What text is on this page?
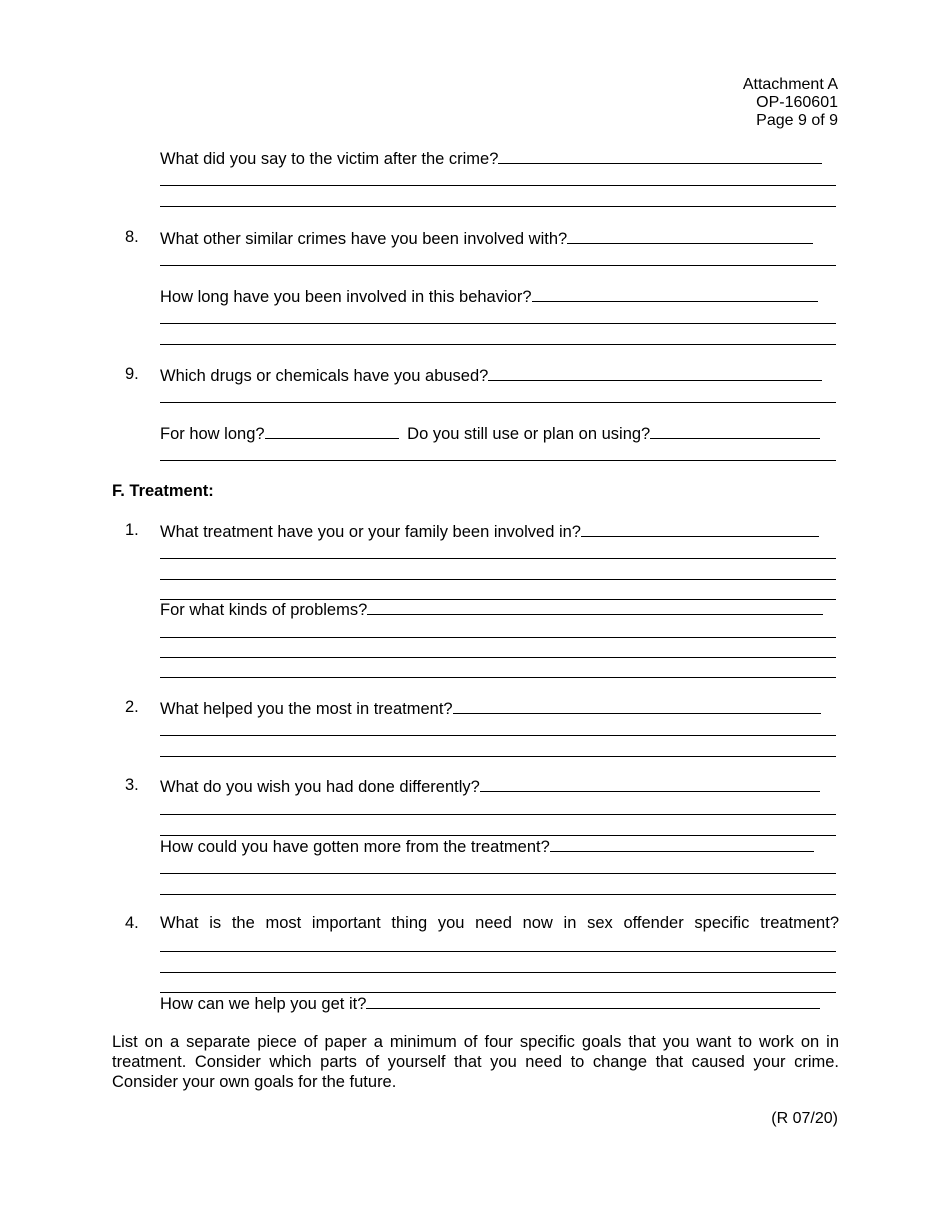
Attachment A
OP-160601
Page 9 of 9
What did you say to the victim after the crime?
8. What other similar crimes have you been involved with?
How long have you been involved in this behavior?
9. Which drugs or chemicals have you abused?
For how long?	Do you still use or plan on using?
F. Treatment:
1. What treatment have you or your family been involved in?
For what kinds of problems?
2. What helped you the most in treatment?
3. What do you wish you had done differently?
How could you have gotten more from the treatment?
4. What is the most important thing you need now in sex offender specific treatment?
How can we help you get it?
List on a separate piece of paper a minimum of four specific goals that you want to work on in treatment. Consider which parts of yourself that you need to change that caused your crime. Consider your own goals for the future.
(R 07/20)
